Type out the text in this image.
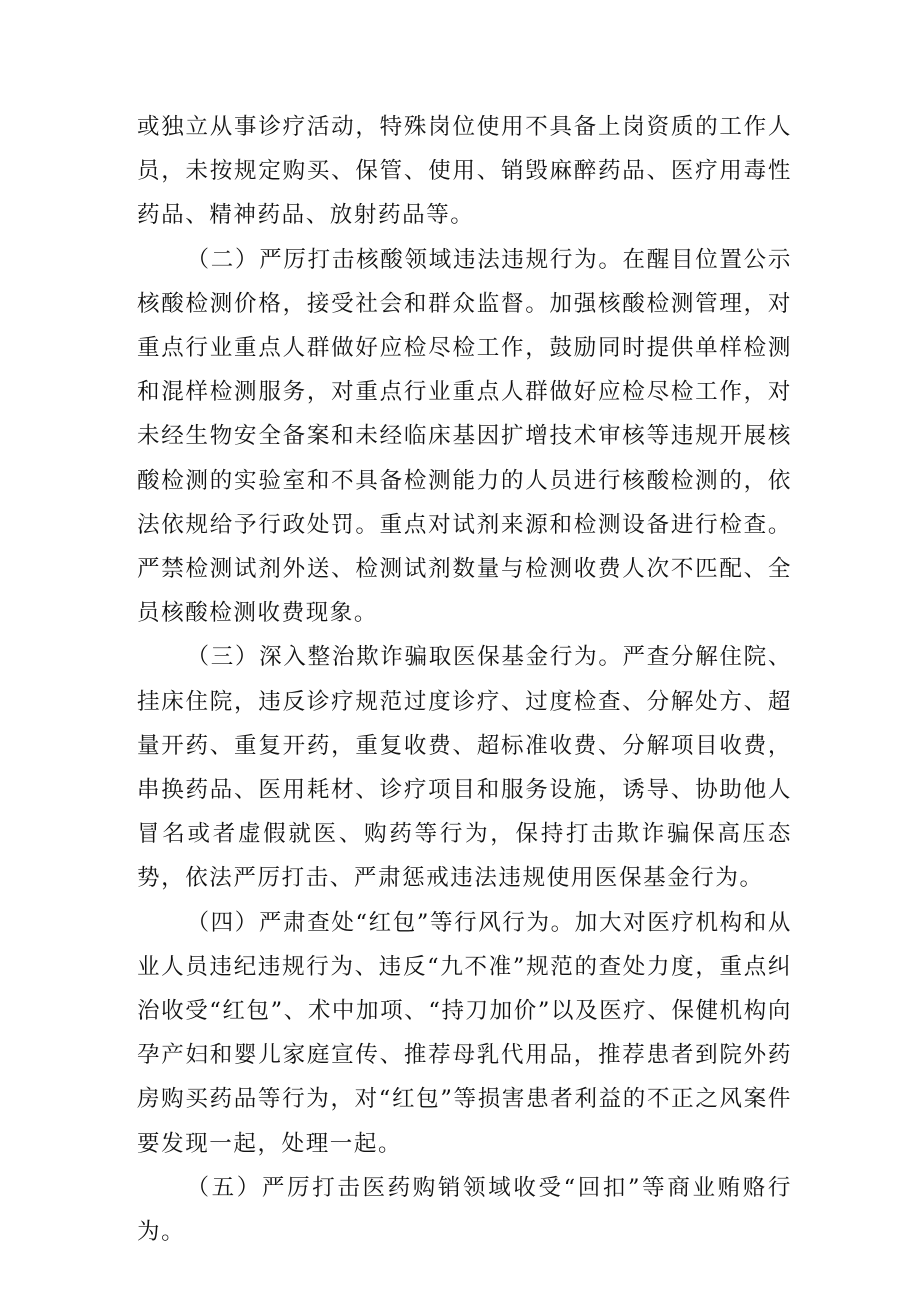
或独立从事诊疗活动，特殊岗位使用不具备上岗资质的工作人员，未按规定购买、保管、使用、销毁麻醉药品、医疗用毒性药品、精神药品、放射药品等。

（二）严厉打击核酸领域违法违规行为。在醒目位置公示核酸检测价格，接受社会和群众监督。加强核酸检测管理，对重点行业重点人群做好应检尽检工作，鼓励同时提供单样检测和混样检测服务，对重点行业重点人群做好应检尽检工作，对未经生物安全备案和未经临床基因扩增技术审核等违规开展核酸检测的实验室和不具备检测能力的人员进行核酸检测的，依法依规给予行政处罚。重点对试剂来源和检测设备进行检查。严禁检测试剂外送、检测试剂数量与检测收费人次不匹配、全员核酸检测收费现象。

（三）深入整治欺诈骗取医保基金行为。严查分解住院、挂床住院，违反诊疗规范过度诊疗、过度检查、分解处方、超量开药、重复开药，重复收费、超标准收费、分解项目收费，串换药品、医用耗材、诊疗项目和服务设施，诱导、协助他人冒名或者虚假就医、购药等行为，保持打击欺诈骗保高压态势，依法严厉打击、严肃惩戒违法违规使用医保基金行为。

（四）严肃查处“红包”等行风行为。加大对医疗机构和从业人员违纪违规行为、违反“九不准”规范的查处力度，重点纠治收受“红包”、术中加项、“持刀加价”以及医疗、保健机构向孕产妇和婴儿家庭宣传、推荐母乳代用品，推荐患者到院外药房购买药品等行为，对“红包”等损害患者利益的不正之风案件要发现一起，处理一起。

（五）严厉打击医药购销领域收受“回扣”等商业贿赂行为。
